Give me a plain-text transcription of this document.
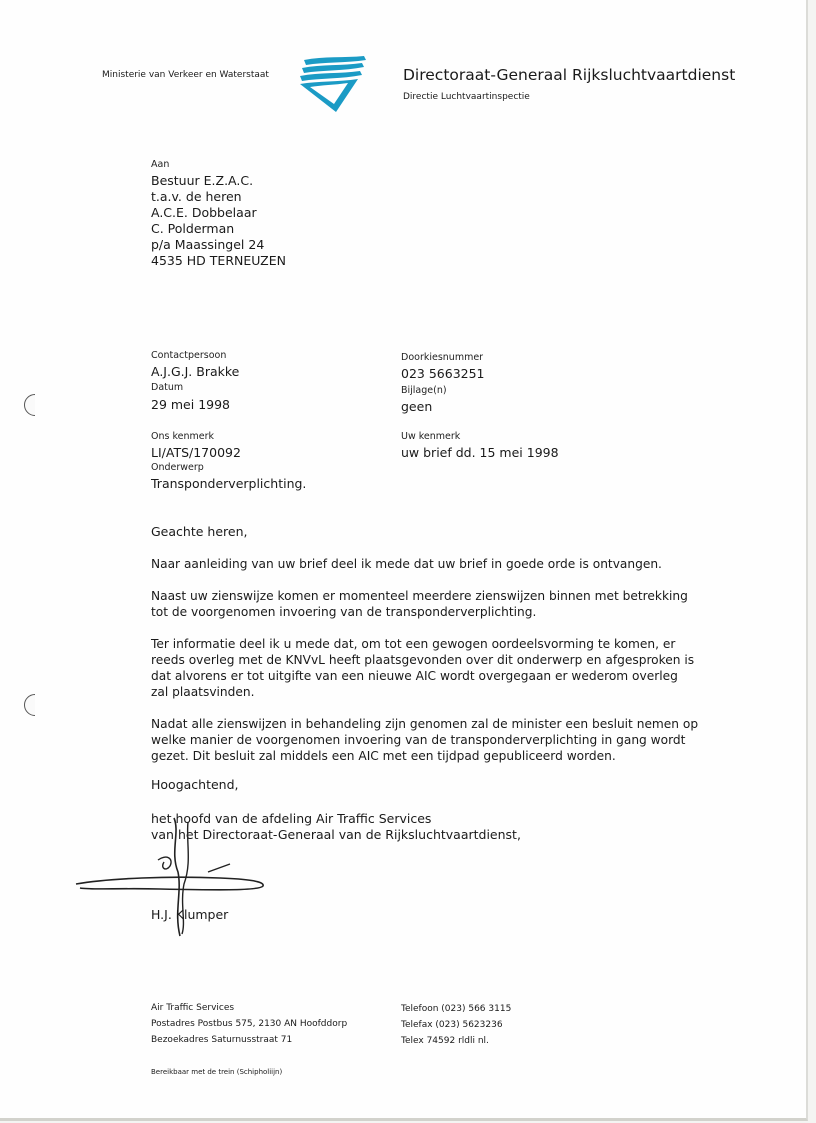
Ministerie van Verkeer en Waterstaat	Directoraat-Generaal Rijksluchtvaartdienst
Directie Luchtvaartinspectie
Aan
Bestuur E.Z.A.C.
t.a.v. de heren
A.C.E. Dobbelaar
C. Polderman
p/a Maassingel 24
4535 HD TERNEUZEN
Contactpersoon
A.J.G.J. Brakke
Datum
29 mei 1998
Ons kenmerk
LI/ATS/170092
Onderwerp
Transponderverplichting.
Doorkiesnummer
023 5663251
Bijlage(n)
geen
Uw kenmerk
uw brief dd. 15 mei 1998
Geachte heren,
Naar aanleiding van uw brief deel ik mede dat uw brief in goede orde is ontvangen.
Naast uw zienswijze komen er momenteel meerdere zienswijzen binnen met betrekking
tot de voorgenomen invoering van de transponderverplichting.
Ter informatie deel ik u mede dat, om tot een gewogen oordeelsvorming te komen, er
reeds overleg met de KNVvL heeft plaatsgevonden over dit onderwerp en afgesproken is
dat alvorens er tot uitgifte van een nieuwe AIC wordt overgegaan er wederom overleg
zal plaatsvinden.
Nadat alle zienswijzen in behandeling zijn genomen zal de minister een besluit nemen op
welke manier de voorgenomen invoering van de transponderverplichting in gang wordt
gezet. Dit besluit zal middels een AIC met een tijdpad gepubliceerd worden.
Hoogachtend,
het hoofd van de afdeling Air Traffic Services
van het Directoraat-Generaal van de Rijksluchtvaartdienst,
H.J. Klumper
Air Traffic Services
Postadres Postbus 575, 2130 AN Hoofddorp
Bezoekadres Saturnusstraat 71
Telefoon (023) 566 3115
Telefax (023) 5623236
Telex 74592 rldli nl.
Bereikbaar met de trein (Schipholiijn)
